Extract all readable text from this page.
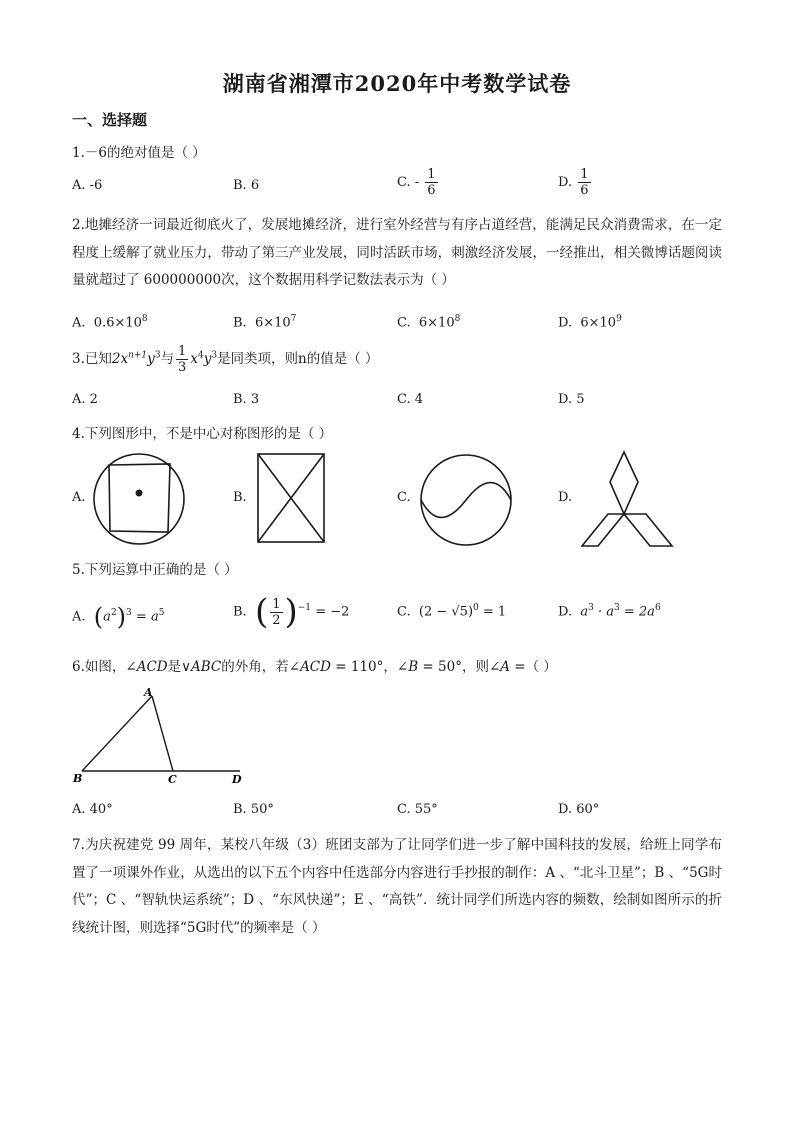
湖南省湘潭市2020年中考数学试卷
一、选择题
1.－6的绝对值是（ ）
A. -6	B. 6	C. - $\frac{1}{6}$	D. $\frac{1}{6}$
2.地摊经济一词最近彻底火了，发展地摊经济，进行室外经营与有序占道经营，能满足民众消费需求，在一定程度上缓解了就业压力，带动了第三产业发展，同时活跃市场，刺激经济发展，一经推出，相关微博话题阅读量就超过了 600000000次，这个数据用科学记数法表示为（ ）
A. $0.6\times 10^8$	B. $6\times 10^7$	C. $6\times 10^8$	D. $6\times 10^9$
3.已知$2x^{n+1}y^3$与 $\frac{1}{3} x^4y^3$是同类项，则n的值是（ ）
A. 2	B. 3	C. 4	D. 5
4.下列图形中，不是中心对称图形的是（ ）
A.	B.	C.	D.
5.下列运算中正确的是（ ）
A. $(a^2)^3 = a^5$	B. ( $\frac{1}{2} )^{-1} = -2$	C. $(2 - √5)^0 = 1$	D. $a^3 \cdot a^3 = 2a^6$
6.如图，∠ACD是∨ABC的外角，若∠ACD = 110°，∠B = 50°，则∠A =（ ）
A
B	C	D
A. 40°	B. 50°	C. 55°	D. 60°
7.为庆祝建党 99 周年，某校八年级（3）班团支部为了让同学们进一步了解中国科技的发展，给班上同学布置了一项课外作业，从选出的以下五个内容中任选部分内容进行手抄报的制作：A 、“北斗卫星”；B 、“5G时代”；C 、“智轨快运系统”；D 、“东风快递”；E 、“高铁”．统计同学们所选内容的频数，绘制如图所示的折线统计图，则选择“5G时代”的频率是（ ）
